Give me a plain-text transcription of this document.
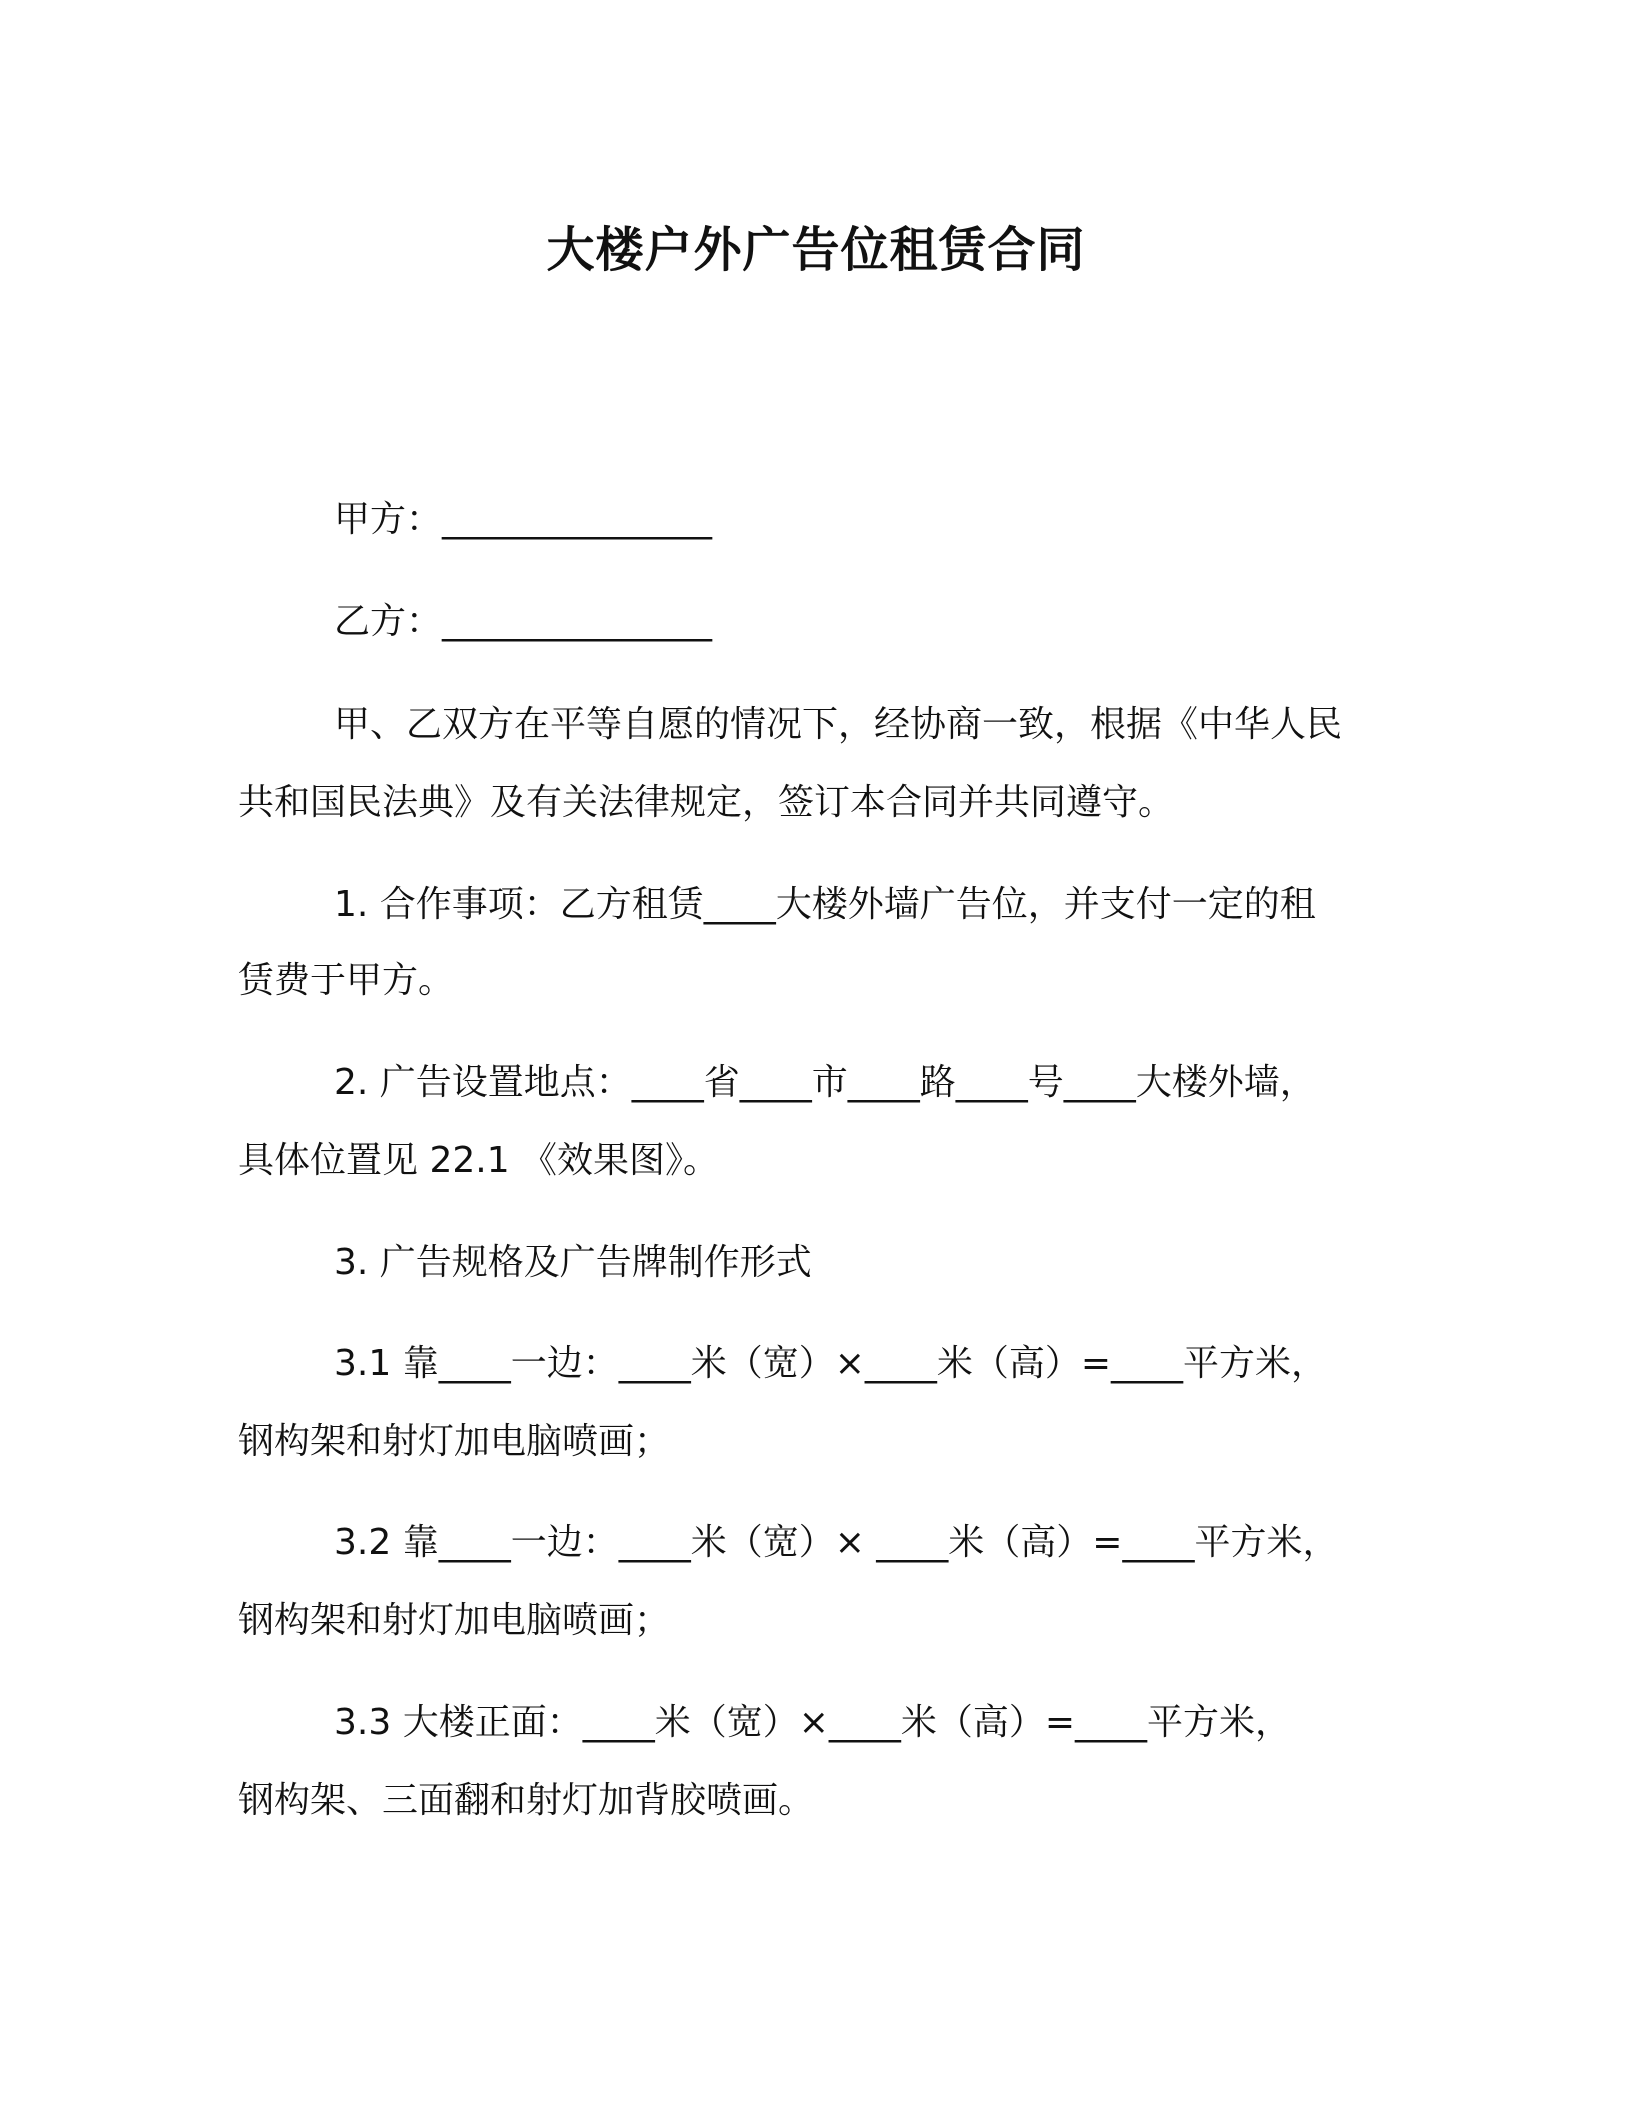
大楼户外广告位租赁合同
甲方：_______________
乙方：_______________
甲、乙双方在平等自愿的情况下，经协商一致，根据《中华人民
共和国民法典》及有关法律规定，签订本合同并共同遵守。
1. 合作事项：乙方租赁____大楼外墙广告位，并支付一定的租
赁费于甲方。
2. 广告设置地点：____省____市____路____号____大楼外墙，
具体位置见 22.1 《效果图》。
3. 广告规格及广告牌制作形式
3.1 靠____一边：____米（宽）×____米（高）=____平方米，
钢构架和射灯加电脑喷画；
3.2 靠____一边：____米（宽）× ____米（高）=____平方米，
钢构架和射灯加电脑喷画；
3.3 大楼正面：____米（宽）×____米（高）=____平方米，
钢构架、三面翻和射灯加背胶喷画。
